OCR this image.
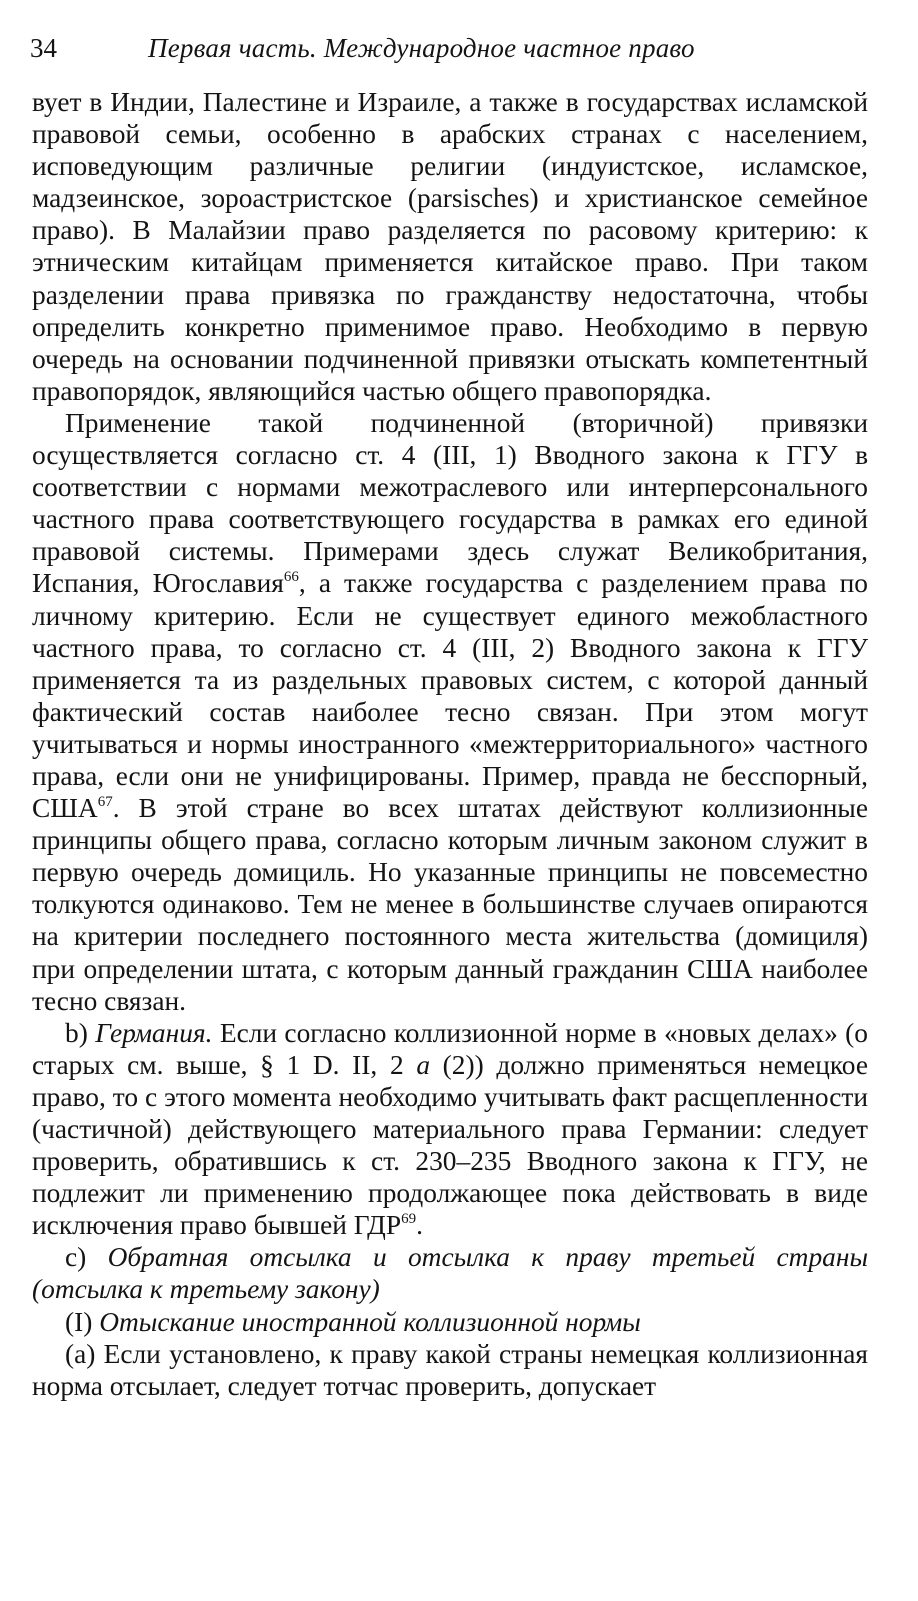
34	Первая часть. Международное частное право

вует в Индии, Палестине и Израиле, а также в государствах исламской правовой семьи, особенно в арабских странах с населением, исповедующим различные религии (индуистское, исламское, мадзеинское, зороастристское (parsisches) и христианское семейное право). В Малайзии право разделяется по расовому критерию: к этническим китайцам применяется китайское право. При таком разделении права привязка по гражданству недостаточна, чтобы определить конкретно применимое право. Необходимо в первую очередь на основании подчиненной привязки отыскать компетентный правопорядок, являющийся частью общего правопорядка.

Применение такой подчиненной (вторичной) привязки осуществляется согласно ст. 4 (III, 1) Вводного закона к ГГУ в соответствии с нормами межотраслевого или интерперсонального частного права соответствующего государства в рамках его единой правовой системы. Примерами здесь служат Великобритания, Испания, Югославия$^{66}$, а также государства с разделением права по личному критерию. Если не существует единого межобластного частного права, то согласно ст. 4 (III, 2) Вводного закона к ГГУ применяется та из раздельных правовых систем, с которой данный фактический состав наиболее тесно связан. При этом могут учитываться и нормы иностранного «межтерриториального» частного права, если они не унифицированы. Пример, правда не бесспорный, США$^{67}$. В этой стране во всех штатах действуют коллизионные принципы общего права, согласно которым личным законом служит в первую очередь домициль. Но указанные принципы не повсеместно толкуются одинаково. Тем не менее в большинстве случаев опираются на критерии последнего постоянного места жительства (домициля) при определении штата, с которым данный гражданин США наиболее тесно связан.

b) Германия. Если согласно коллизионной норме в «новых делах» (о старых см. выше, § 1 D. II, 2 a (2)) должно применяться немецкое право, то с этого момента необходимо учитывать факт расщепленности (частичной) действующего материального права Германии: следует проверить, обратившись к ст. 230–235 Вводного закона к ГГУ, не подлежит ли применению продолжающее пока действовать в виде исключения право бывшей ГДР$^{69}$.

c) Обратная отсылка и отсылка к праву третьей страны (отсылка к третьему закону)

(I) Отыскание иностранной коллизионной нормы

(а) Если установлено, к праву какой страны немецкая коллизионная норма отсылает, следует тотчас проверить, допускает
